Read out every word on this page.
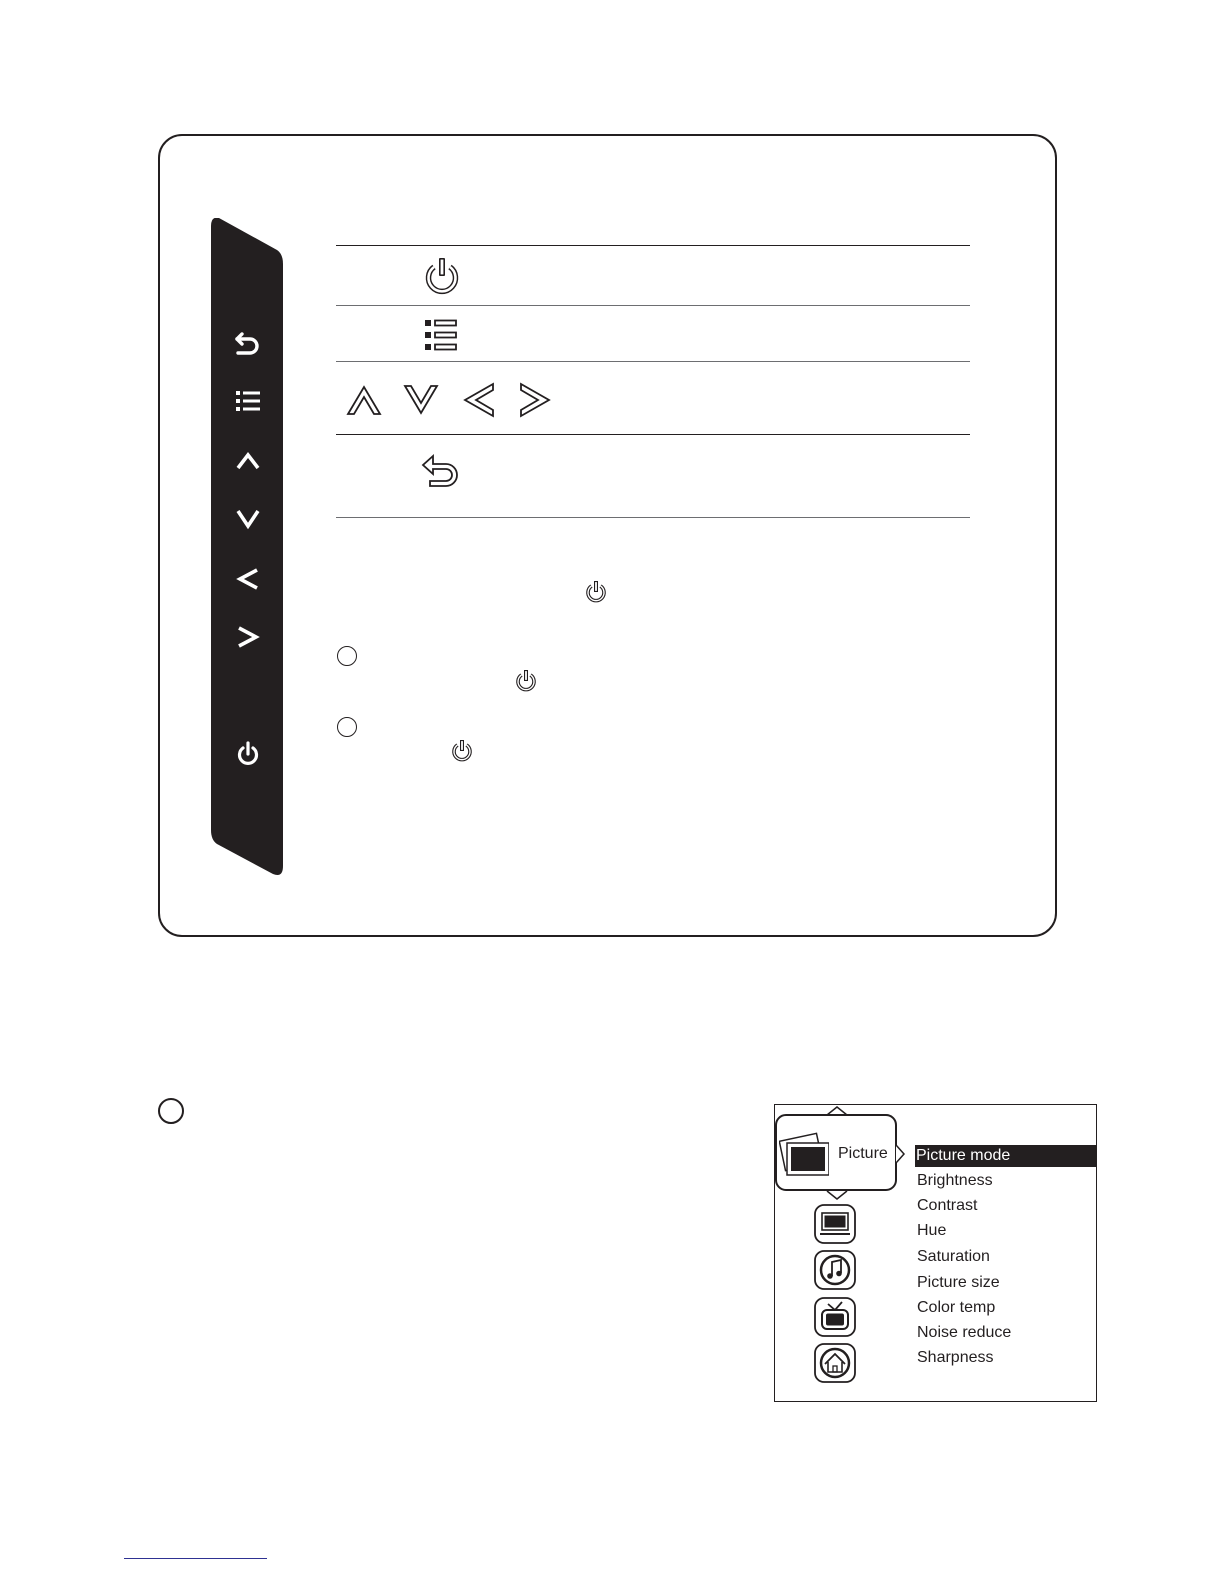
Picture Picture mode
Brightness
Contrast
Hue
Saturation
Picture size
Color temp
Noise reduce
Sharpness
